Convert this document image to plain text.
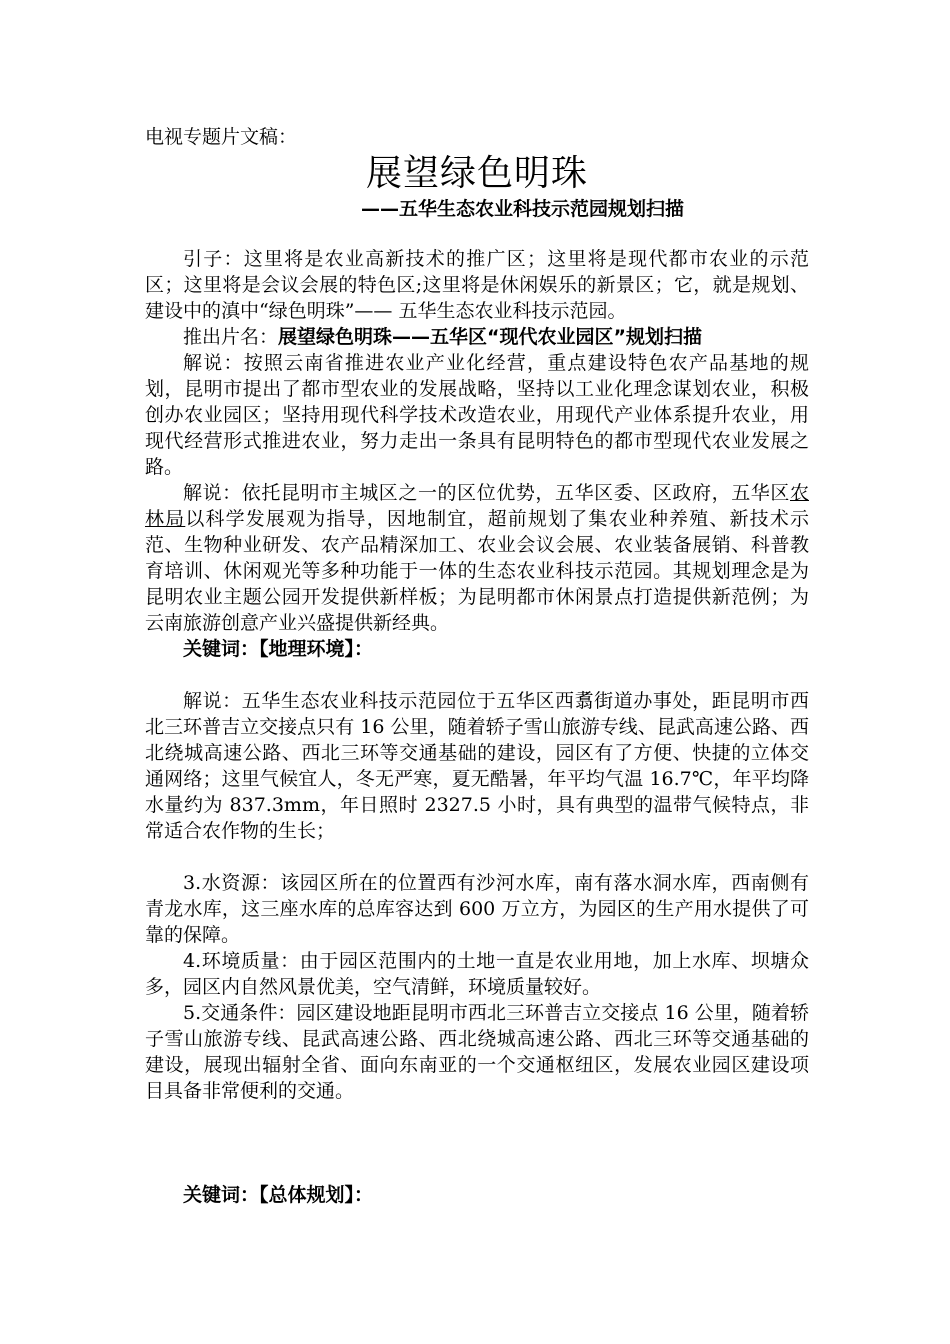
电视专题片文稿：
展望绿色明珠
——五华生态农业科技示范园规划扫描

引子：这里将是农业高新技术的推广区；这里将是现代都市农业的示范区；这里将是会议会展的特色区;这里将是休闲娱乐的新景区；它，就是规划、建设中的滇中“绿色明珠”—— 五华生态农业科技示范园。

推出片名：展望绿色明珠——五华区“现代农业园区”规划扫描

解说：按照云南省推进农业产业化经营，重点建设特色农产品基地的规划，昆明市提出了都市型农业的发展战略，坚持以工业化理念谋划农业，积极创办农业园区；坚持用现代科学技术改造农业，用现代产业体系提升农业，用现代经营形式推进农业，努力走出一条具有昆明特色的都市型现代农业发展之路。

解说：依托昆明市主城区之一的区位优势，五华区委、区政府，五华区农林局以科学发展观为指导，因地制宜，超前规划了集农业种养殖、新技术示范、生物种业研发、农产品精深加工、农业会议会展、农业装备展销、科普教育培训、休闲观光等多种功能于一体的生态农业科技示范园。其规划理念是为昆明农业主题公园开发提供新样板；为昆明都市休闲景点打造提供新范例；为云南旅游创意产业兴盛提供新经典。

关键词：【地理环境】：

解说：五华生态农业科技示范园位于五华区西翥街道办事处，距昆明市西北三环普吉立交接点只有 16 公里，随着轿子雪山旅游专线、昆武高速公路、西北绕城高速公路、西北三环等交通基础的建设，园区有了方便、快捷的立体交通网络；这里气候宜人，冬无严寒，夏无酷暑，年平均气温 16.7℃，年平均降水量约为 837.3mm，年日照时 2327.5 小时，具有典型的温带气候特点，非常适合农作物的生长；

3.水资源：该园区所在的位置西有沙河水库，南有落水洞水库，西南侧有青龙水库，这三座水库的总库容达到 600 万立方，为园区的生产用水提供了可靠的保障。

4.环境质量：由于园区范围内的土地一直是农业用地，加上水库、坝塘众多，园区内自然风景优美，空气清鲜，环境质量较好。

5.交通条件：园区建设地距昆明市西北三环普吉立交接点 16 公里，随着轿子雪山旅游专线、昆武高速公路、西北绕城高速公路、西北三环等交通基础的建设，展现出辐射全省、面向东南亚的一个交通枢纽区，发展农业园区建设项目具备非常便利的交通。

关键词：【总体规划】：
